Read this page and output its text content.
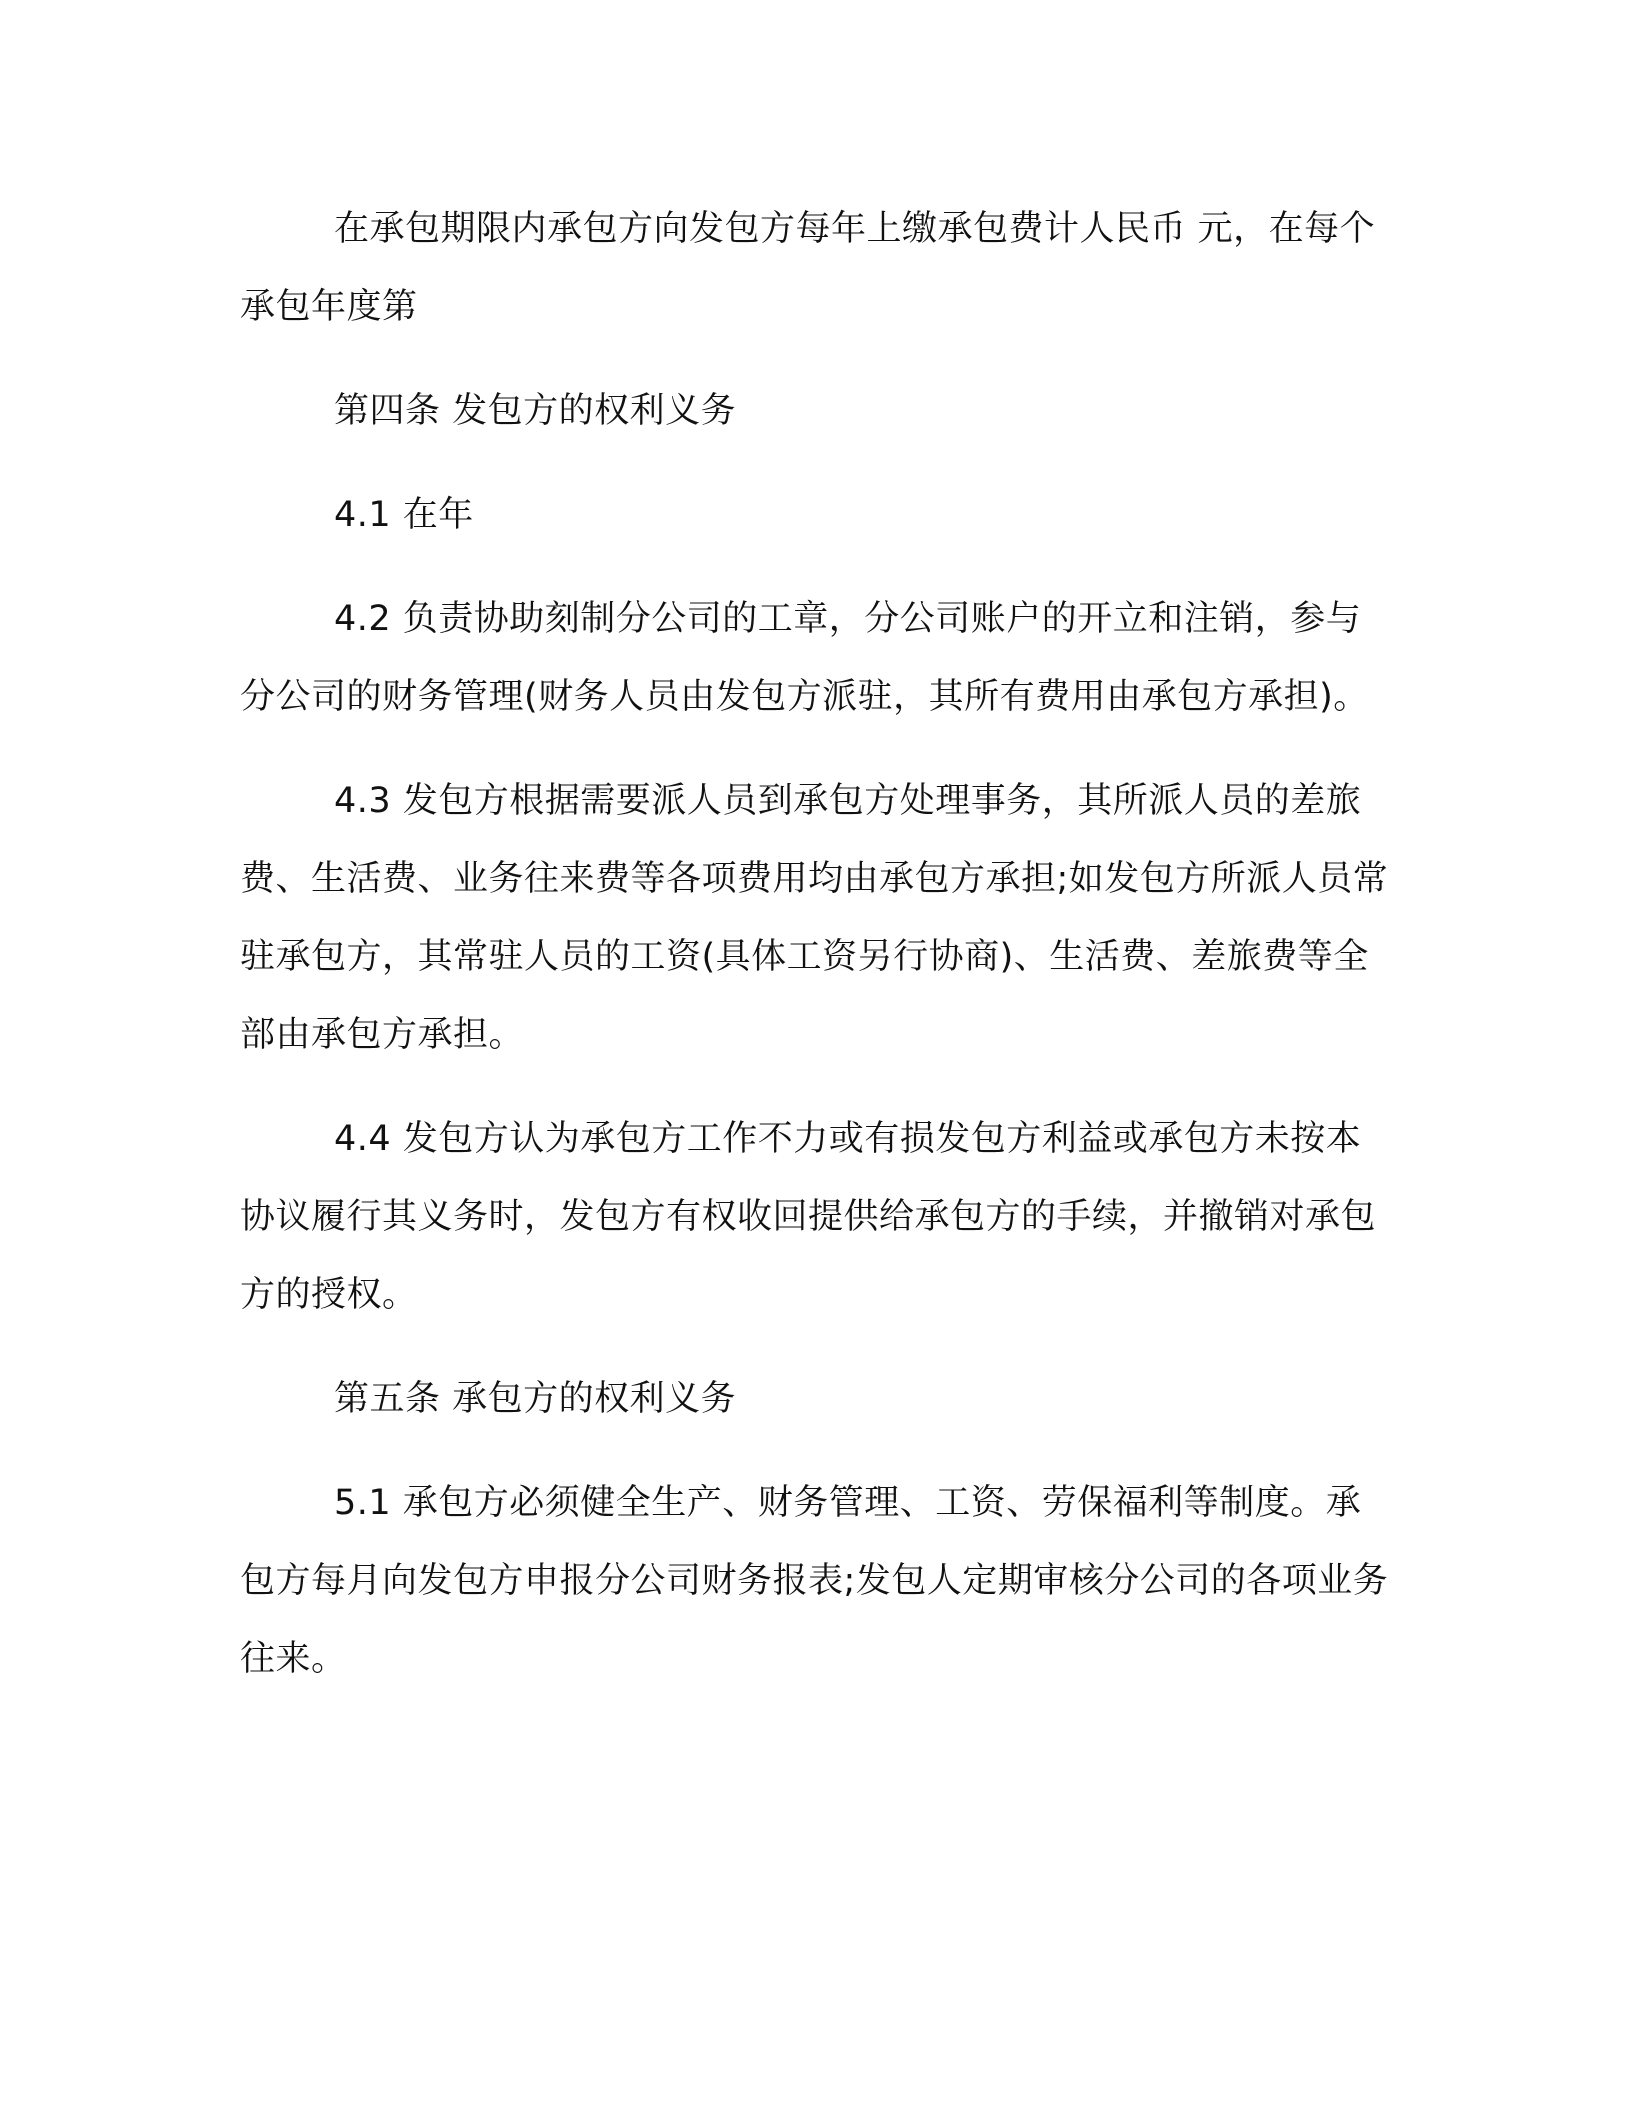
在承包期限内承包方向发包方每年上缴承包费计人民币 元，在每个承包年度第

第四条 发包方的权利义务

4.1 在年

4.2 负责协助刻制分公司的工章，分公司账户的开立和注销，参与分公司的财务管理(财务人员由发包方派驻，其所有费用由承包方承担)。

4.3 发包方根据需要派人员到承包方处理事务，其所派人员的差旅费、生活费、业务往来费等各项费用均由承包方承担;如发包方所派人员常驻承包方，其常驻人员的工资(具体工资另行协商)、生活费、差旅费等全部由承包方承担。

4.4 发包方认为承包方工作不力或有损发包方利益或承包方未按本协议履行其义务时，发包方有权收回提供给承包方的手续，并撤销对承包方的授权。

第五条 承包方的权利义务

5.1 承包方必须健全生产、财务管理、工资、劳保福利等制度。承包方每月向发包方申报分公司财务报表;发包人定期审核分公司的各项业务往来。
